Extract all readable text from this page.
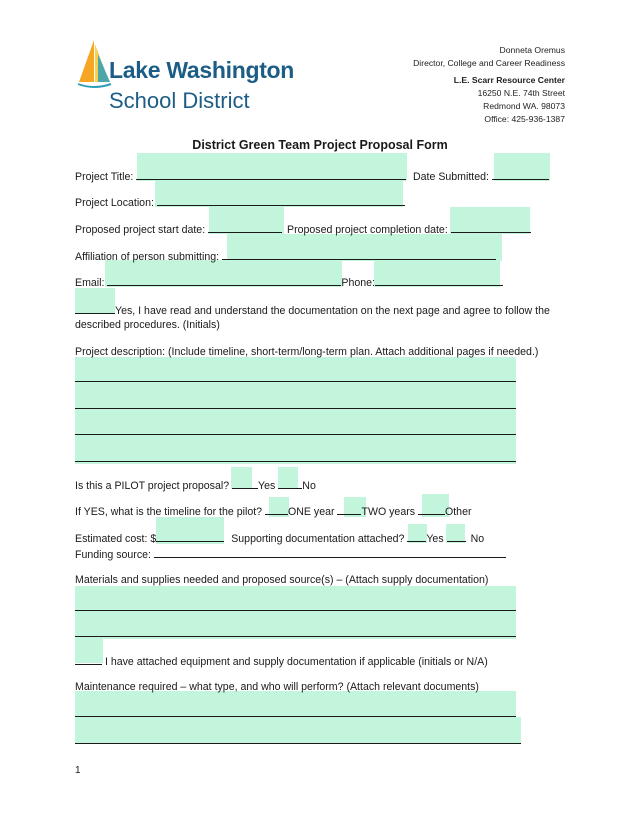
Lake Washington
School District
Donneta Oremus
Director, College and Career Readiness
L.E. Scarr Resource Center
16250 N.E. 74th Street
Redmond WA. 98073
Office: 425-936-1387
District Green Team Project Proposal Form
Project Title:	Date Submitted:
Project Location:
Proposed project start date:	Proposed project completion date:
Affiliation of person submitting:
Email:	Phone:
Yes, I have read and understand the documentation on the next page and agree to follow the
described procedures. (Initials)
Project description: (Include timeline, short-term/long-term plan. Attach additional pages if needed.)
Is this a PILOT project proposal?	Yes	No
If YES, what is the timeline for the pilot? ONE year	TWO years	Other
Estimated cost: $	Supporting documentation attached? Yes	No
Funding source:
Materials and supplies needed and proposed source(s) – (Attach supply documentation)
I have attached equipment and supply documentation if applicable (initials or N/A)
Maintenance required – what type, and who will perform? (Attach relevant documents)
1
